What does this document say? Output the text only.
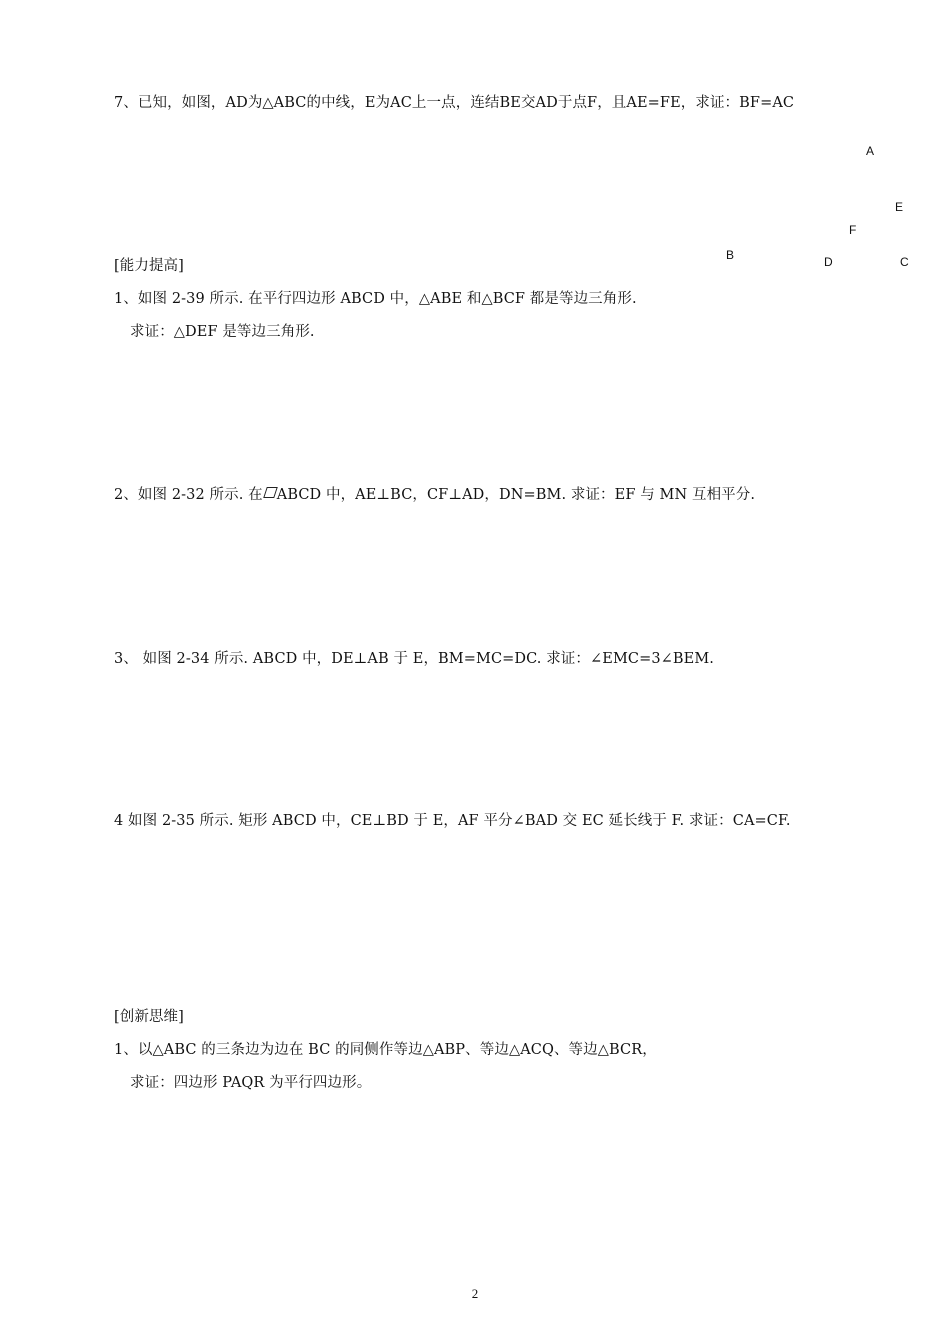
7、已知，如图，AD为△ABC的中线，E为AC上一点，连结BE交AD于点F，且AE=FE，求证：BF=AC
A
E
F
B	D	C
[能力提高]
1、如图 2-39 所示. 在平行四边形 ABCD 中，△ABE 和△BCF 都是等边三角形.
求证：△DEF 是等边三角形.
2、如图 2-32 所示. 在 ABCD 中，AE⊥BC，CF⊥AD，DN=BM. 求证：EF 与 MN 互相平分.
3、 如图 2-34 所示. ABCD 中，DE⊥AB 于 E，BM=MC=DC. 求证：∠EMC=3∠BEM.
4 如图 2-35 所示. 矩形 ABCD 中，CE⊥BD 于 E，AF 平分∠BAD 交 EC 延长线于 F. 求证：CA=CF.
[创新思维]
1、以△ABC 的三条边为边在 BC 的同侧作等边△ABP、等边△ACQ、等边△BCR，
求证：四边形 PAQR 为平行四边形。
2
